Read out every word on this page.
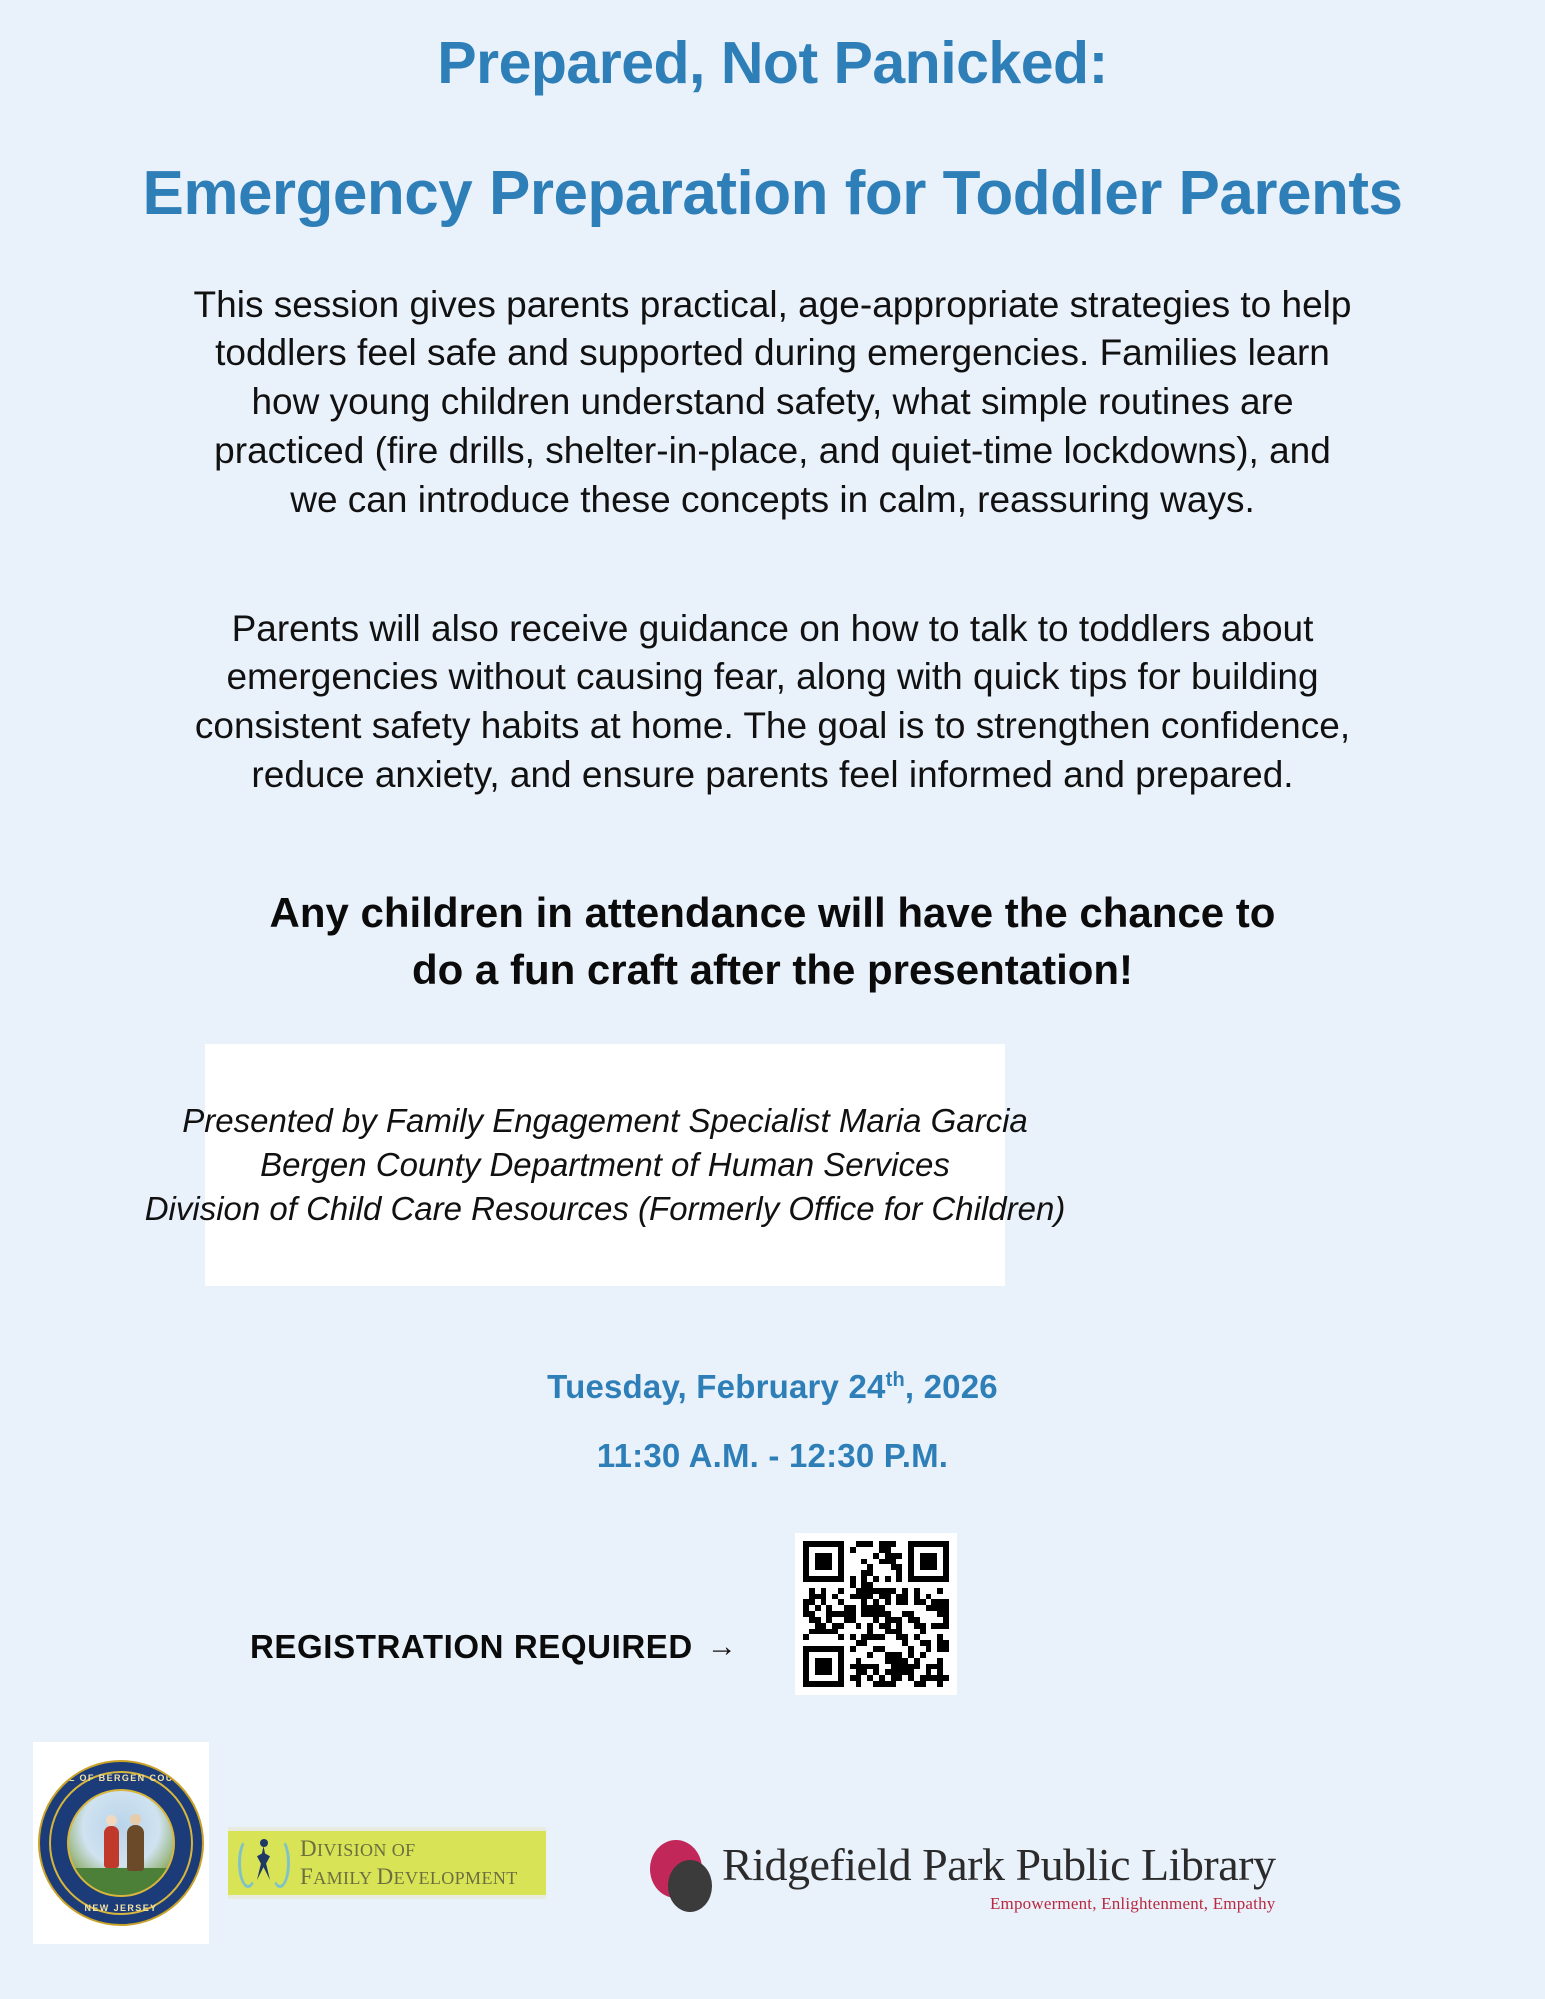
Prepared, Not Panicked:
Emergency Preparation for Toddler Parents
This session gives parents practical, age-appropriate strategies to help toddlers feel safe and supported during emergencies. Families learn how young children understand safety, what simple routines are practiced (fire drills, shelter-in-place, and quiet-time lockdowns), and we can introduce these concepts in calm, reassuring ways.
Parents will also receive guidance on how to talk to toddlers about emergencies without causing fear, along with quick tips for building consistent safety habits at home. The goal is to strengthen confidence, reduce anxiety, and ensure parents feel informed and prepared.
Any children in attendance will have the chance to
do a fun craft after the presentation!
Presented by Family Engagement Specialist Maria Garcia
Bergen County Department of Human Services
Division of Child Care Resources (Formerly Office for Children)
Tuesday, February 24th, 2026
11:30 A.M. - 12:30 P.M.
REGISTRATION REQUIRED →
SEAL OF BERGEN COUNTY
NEW JERSEY
DIVISION OF
FAMILY DEVELOPMENT	Ridgefield Park Public Library
Empowerment, Enlightenment, Empathy
